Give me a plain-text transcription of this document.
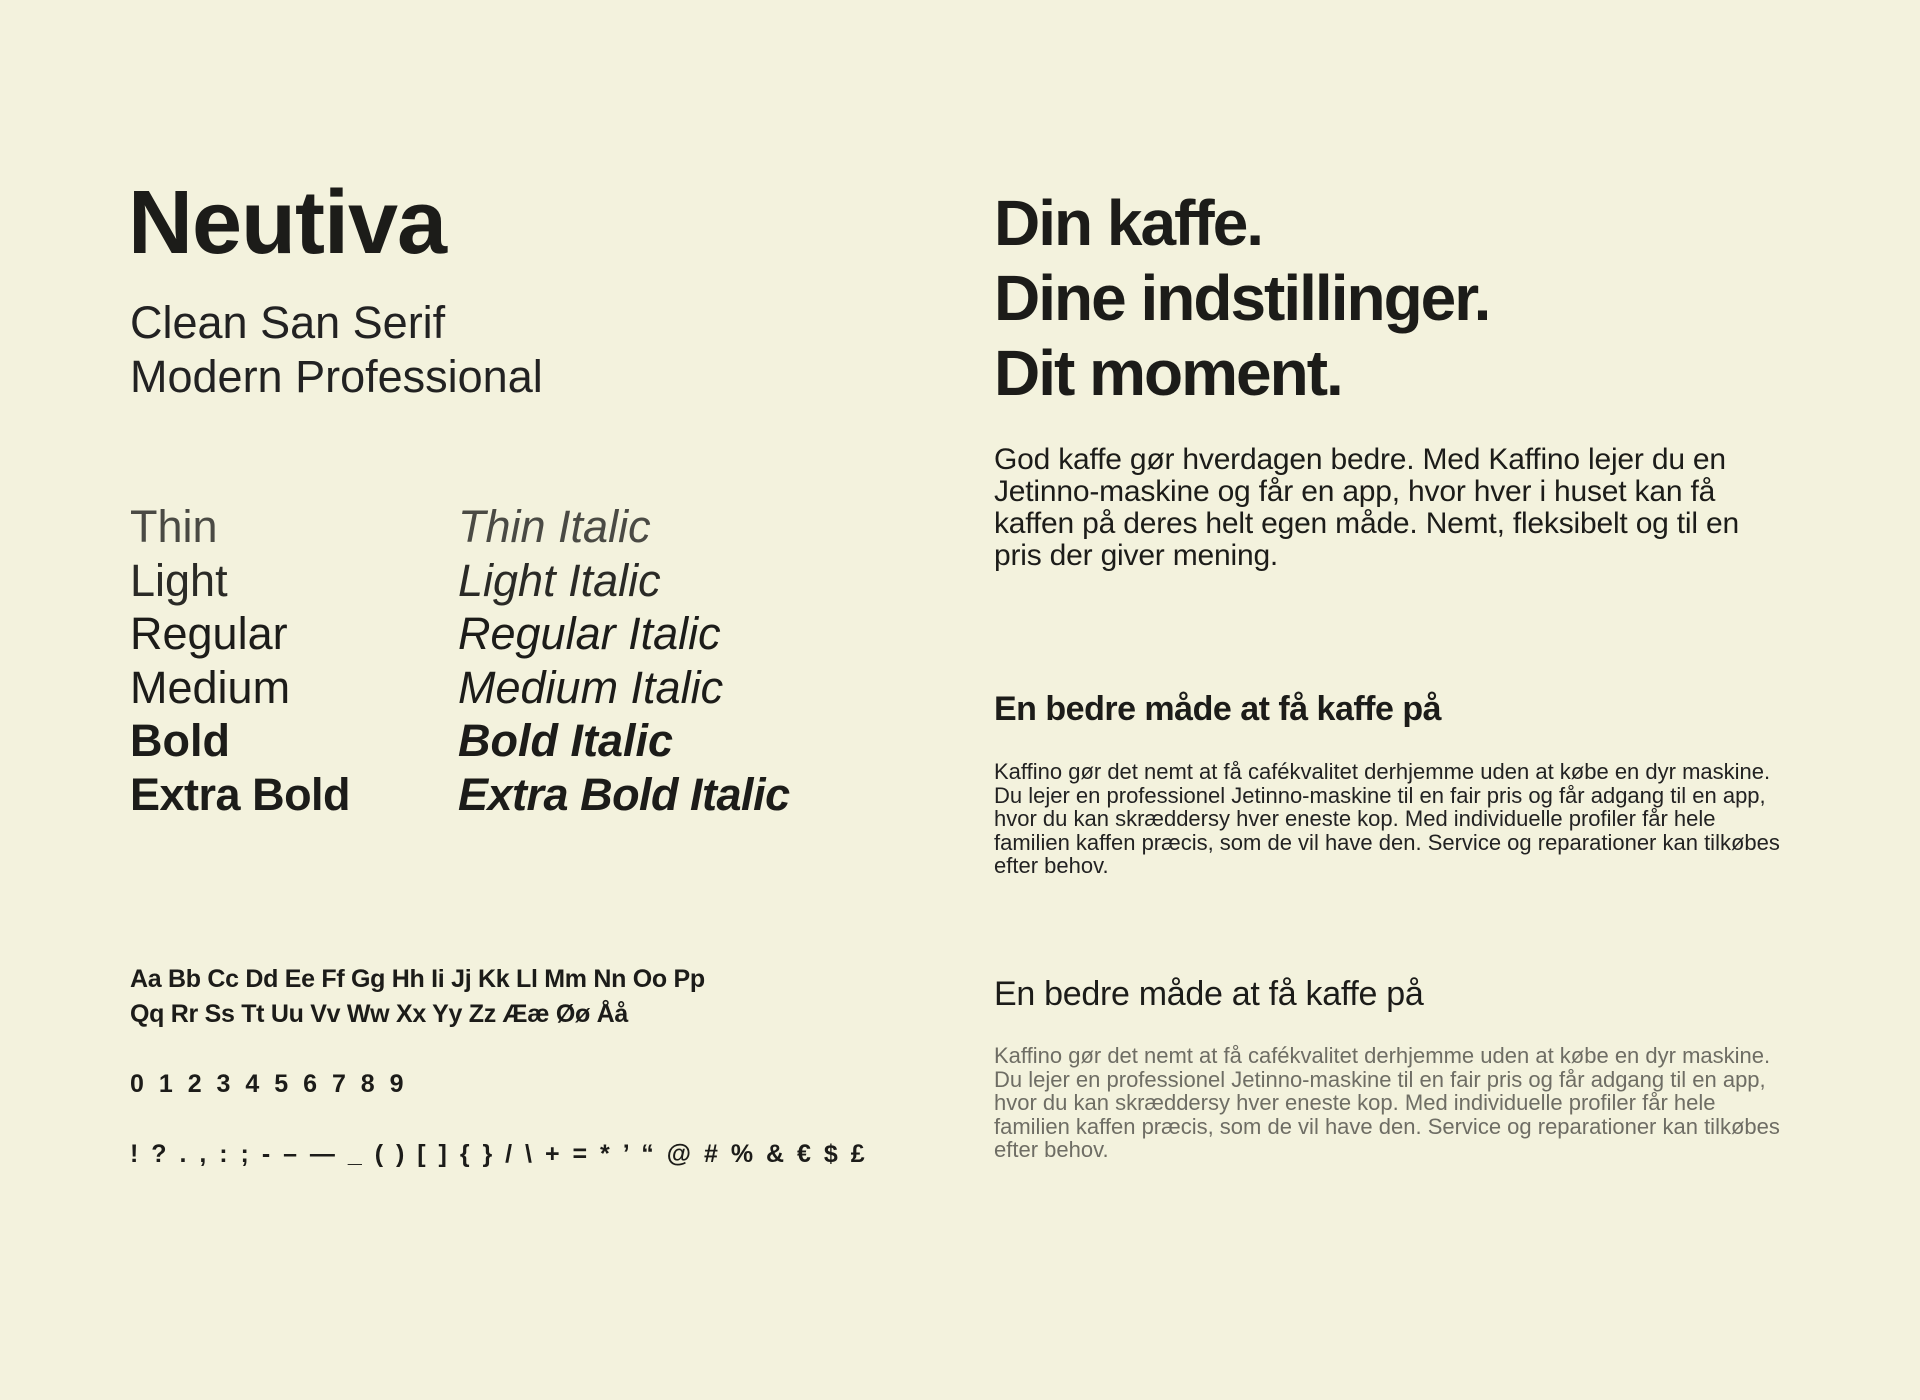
Neutiva
Clean San Serif
Modern Professional
Thin	Thin Italic
Light	Light Italic
Regular	Regular Italic
Medium	Medium Italic
Bold	Bold Italic
Extra Bold	Extra Bold Italic
Aa Bb Cc Dd Ee Ff Gg Hh Ii Jj Kk Ll Mm Nn Oo Pp
Qq Rr Ss Tt Uu Vv Ww Xx Yy Zz Ææ Øø Åå
0 1 2 3 4 5 6 7 8 9
! ? . , : ; - – — _ ( ) [ ] { } / \ + = * ’ “ @ # % & € $ £
Din kaffe.
Dine indstillinger.
Dit moment.
God kaffe gør hverdagen bedre. Med Kaffino lejer du en Jetinno-maskine og får en app, hvor hver i huset kan få kaffen på deres helt egen måde. Nemt, fleksibelt og til en pris der giver mening.
En bedre måde at få kaffe på
Kaffino gør det nemt at få cafékvalitet derhjemme uden at købe en dyr maskine. Du lejer en professionel Jetinno-maskine til en fair pris og får adgang til en app, hvor du kan skræddersy hver eneste kop. Med individuelle profiler får hele familien kaffen præcis, som de vil have den. Service og reparationer kan tilkøbes efter behov.
En bedre måde at få kaffe på
Kaffino gør det nemt at få cafékvalitet derhjemme uden at købe en dyr maskine. Du lejer en professionel Jetinno-maskine til en fair pris og får adgang til en app, hvor du kan skræddersy hver eneste kop. Med individuelle profiler får hele familien kaffen præcis, som de vil have den. Service og reparationer kan tilkøbes efter behov.
